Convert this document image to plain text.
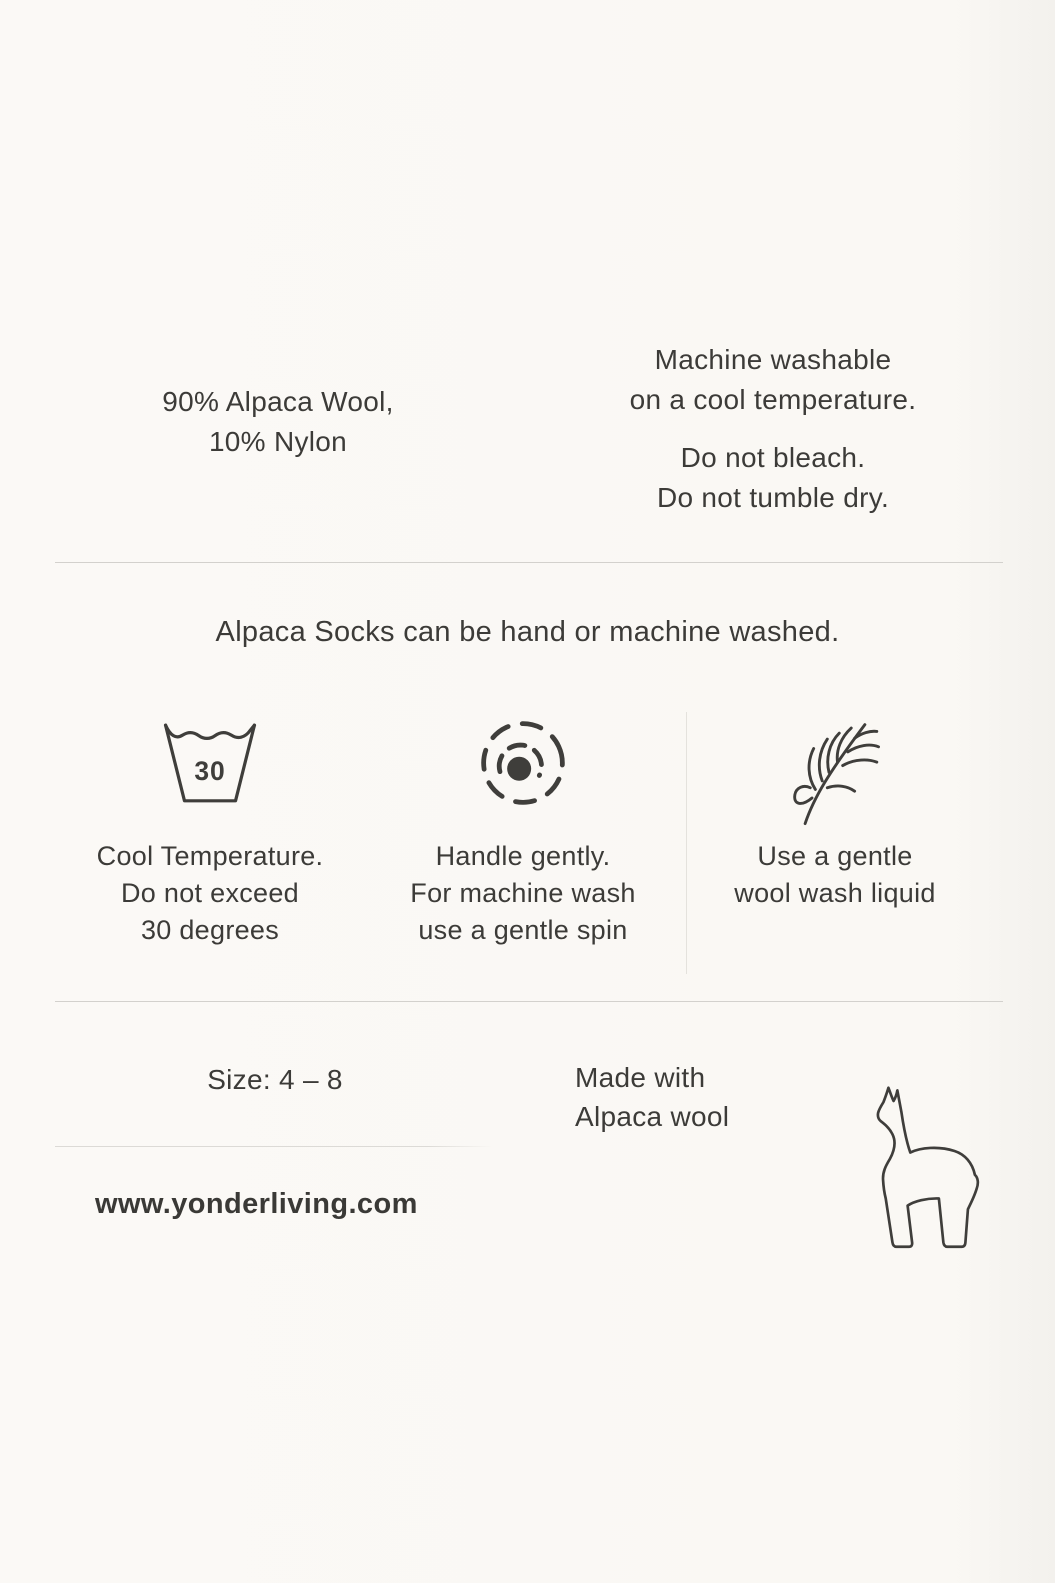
90% Alpaca Wool,
10% Nylon
Machine washable
on a cool temperature.
Do not bleach.
Do not tumble dry.
Alpaca Socks can be hand or machine washed.
30
Cool Temperature.
Do not exceed
30 degrees
Handle gently.
For machine wash
use a gentle spin
Use a gentle
wool wash liquid
Size: 4 – 8	Made with
Alpaca wool
www.yonderliving.com
